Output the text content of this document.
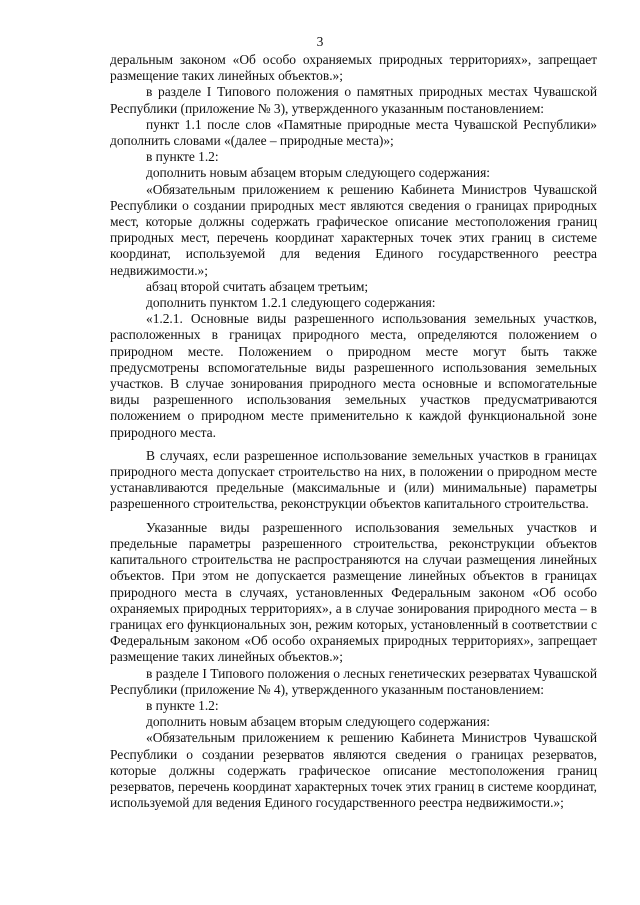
3

деральным законом «Об особо охраняемых природных территориях», запрещает размещение таких линейных объектов.»;

в разделе I Типового положения о памятных природных местах Чувашской Республики (приложение № 3), утвержденного указанным постановлением:

пункт 1.1 после слов «Памятные природные места Чувашской Республики» дополнить словами «(далее – природные места)»;

в пункте 1.2:

дополнить новым абзацем вторым следующего содержания:

«Обязательным приложением к решению Кабинета Министров Чувашской Республики о создании природных мест являются сведения о границах природных мест, которые должны содержать графическое описание местоположения границ природных мест, перечень координат характерных точек этих границ в системе координат, используемой для ведения Единого государственного реестра недвижимости.»;

абзац второй считать абзацем третьим;

дополнить пунктом 1.2.1 следующего содержания:

«1.2.1. Основные виды разрешенного использования земельных участков, расположенных в границах природного места, определяются положением о природном месте. Положением о природном месте могут быть также предусмотрены вспомогательные виды разрешенного использования земельных участков. В случае зонирования природного места основные и вспомогательные виды разрешенного использования земельных участков предусматриваются положением о природном месте применительно к каждой функциональной зоне природного места.

В случаях, если разрешенное использование земельных участков в границах природного места допускает строительство на них, в положении о природном месте устанавливаются предельные (максимальные и (или) минимальные) параметры разрешенного строительства, реконструкции объектов капитального строительства.

Указанные виды разрешенного использования земельных участков и предельные параметры разрешенного строительства, реконструкции объектов капитального строительства не распространяются на случаи размещения линейных объектов. При этом не допускается размещение линейных объектов в границах природного места в случаях, установленных Федеральным законом «Об особо охраняемых природных территориях», а в случае зонирования природного места – в границах его функциональных зон, режим которых, установленный в соответствии с Федеральным законом «Об особо охраняемых природных территориях», запрещает размещение таких линейных объектов.»;

в разделе I Типового положения о лесных генетических резерватах Чувашской Республики (приложение № 4), утвержденного указанным постановлением:

в пункте 1.2:

дополнить новым абзацем вторым следующего содержания:

«Обязательным приложением к решению Кабинета Министров Чувашской Республики о создании резерватов являются сведения о границах резерватов, которые должны содержать графическое описание местоположения границ резерватов, перечень координат характерных точек этих границ в системе координат, используемой для ведения Единого государственного реестра недвижимости.»;
